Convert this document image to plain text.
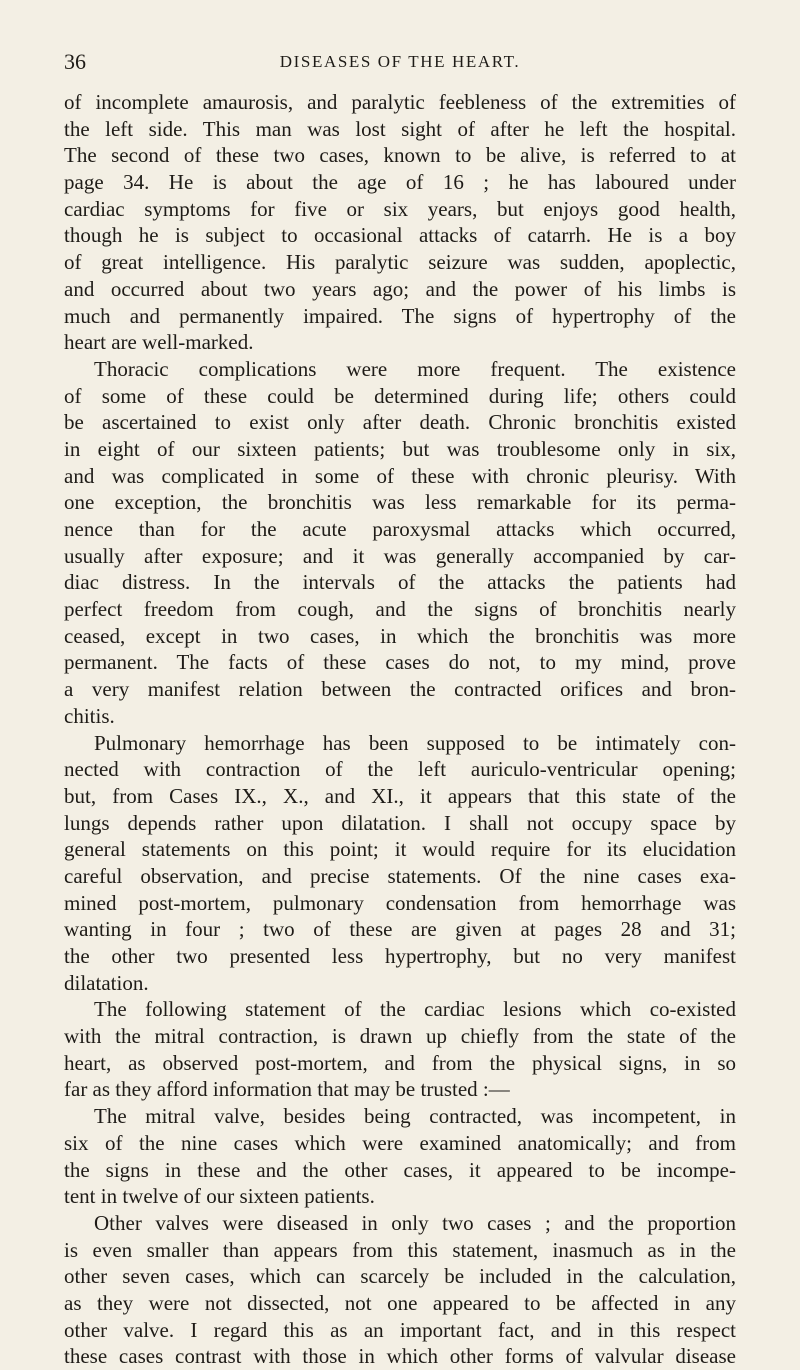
36	DISEASES OF THE HEART.
of incomplete amaurosis, and paralytic feebleness of the extremities of
the left side. This man was lost sight of after he left the hospital.
The second of these two cases, known to be alive, is referred to at
page 34. He is about the age of 16 ; he has laboured under
cardiac symptoms for five or six years, but enjoys good health,
though he is subject to occasional attacks of catarrh. He is a boy
of great intelligence. His paralytic seizure was sudden, apoplectic,
and occurred about two years ago; and the power of his limbs is
much and permanently impaired. The signs of hypertrophy of the
heart are well-marked.
Thoracic complications were more frequent. The existence
of some of these could be determined during life; others could
be ascertained to exist only after death. Chronic bronchitis existed
in eight of our sixteen patients; but was troublesome only in six,
and was complicated in some of these with chronic pleurisy. With
one exception, the bronchitis was less remarkable for its perma-
nence than for the acute paroxysmal attacks which occurred,
usually after exposure; and it was generally accompanied by car-
diac distress. In the intervals of the attacks the patients had
perfect freedom from cough, and the signs of bronchitis nearly
ceased, except in two cases, in which the bronchitis was more
permanent. The facts of these cases do not, to my mind, prove
a very manifest relation between the contracted orifices and bron-
chitis.
Pulmonary hemorrhage has been supposed to be intimately con-
nected with contraction of the left auriculo-ventricular opening;
but, from Cases IX., X., and XI., it appears that this state of the
lungs depends rather upon dilatation. I shall not occupy space by
general statements on this point; it would require for its elucidation
careful observation, and precise statements. Of the nine cases exa-
mined post-mortem, pulmonary condensation from hemorrhage was
wanting in four ; two of these are given at pages 28 and 31;
the other two presented less hypertrophy, but no very manifest
dilatation.
The following statement of the cardiac lesions which co-existed
with the mitral contraction, is drawn up chiefly from the state of the
heart, as observed post-mortem, and from the physical signs, in so
far as they afford information that may be trusted :—
The mitral valve, besides being contracted, was incompetent, in
six of the nine cases which were examined anatomically; and from
the signs in these and the other cases, it appeared to be incompe-
tent in twelve of our sixteen patients.
Other valves were diseased in only two cases ; and the proportion
is even smaller than appears from this statement, inasmuch as in the
other seven cases, which can scarcely be included in the calculation,
as they were not dissected, not one appeared to be affected in any
other valve. I regard this as an important fact, and in this respect
these cases contrast with those in which other forms of valvular disease
